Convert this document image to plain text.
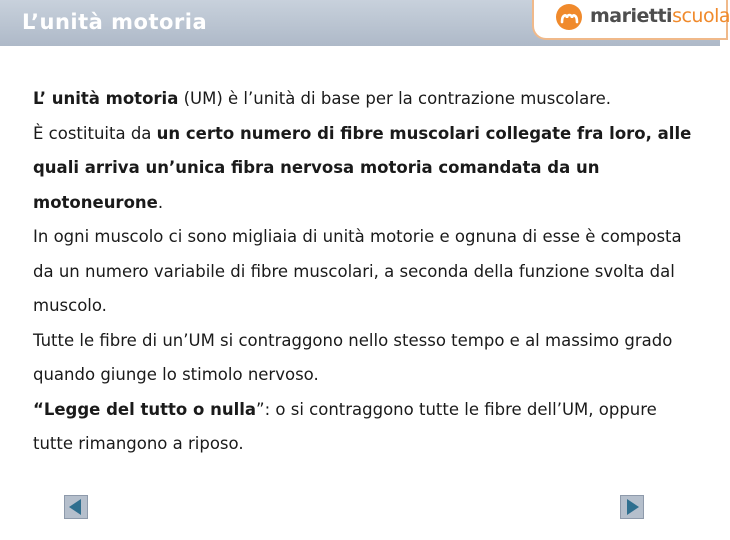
L’unità motoria	mariettiscuola

L’ unità motoria (UM) è l’unità di base per la contrazione muscolare.

È costituita da un certo numero di fibre muscolari collegate fra loro, alle quali arriva un’unica fibra nervosa motoria comandata da un motoneurone.

In ogni muscolo ci sono migliaia di unità motorie e ognuna di esse è composta da un numero variabile di fibre muscolari, a seconda della funzione svolta dal muscolo.

Tutte le fibre di un’UM si contraggono nello stesso tempo e al massimo grado quando giunge lo stimolo nervoso.

“Legge del tutto o nulla”: o si contraggono tutte le fibre dell’UM, oppure tutte rimangono a riposo.
